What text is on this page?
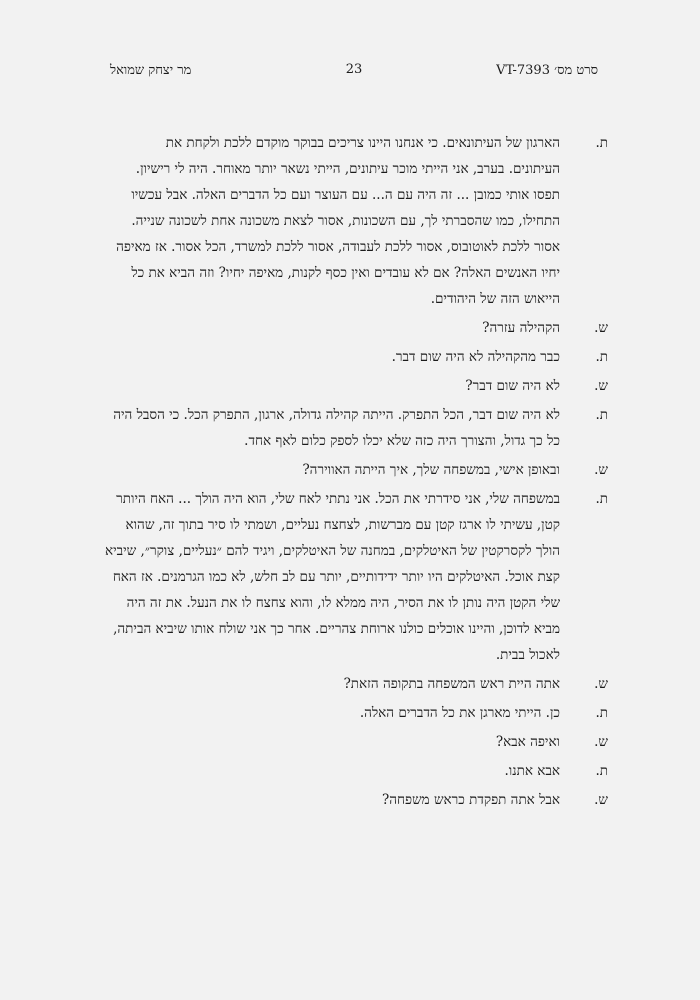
מר יצחק שמואל	23	סרט מס׳ VT-7393
ת.
הארגון של העיתונאים. כי אנחנו היינו צריכים בבוקר מוקדם ללכת ולקחת את
העיתונים. בערב, אני הייתי מוכר עיתונים, הייתי נשאר יותר מאוחר. היה לי רישיון.
תפסו אותי כמובן ... זה היה עם ה... עם העוצר ועם כל הדברים האלה. אבל עכשיו
התחילו, כמו שהסברתי לך, עם השכונות, אסור לצאת משכונה אחת לשכונה שנייה.
אסור ללכת לאוטובוס, אסור ללכת לעבודה, אסור ללכת למשרד, הכל אסור. אז מאיפה
יחיו האנשים האלה? אם לא עובדים ואין כסף לקנות, מאיפה יחיו? וזה הביא את כל
הייאוש הזה של היהודים.
ש.
הקהילה עזרה?
ת.
כבר מהקהילה לא היה שום דבר.
ש.
לא היה שום דבר?
ת.
לא היה שום דבר, הכל התפרק. הייתה קהילה גדולה, ארגון, התפרק הכל. כי הסבל היה
כל כך גדול, והצורך היה כזה שלא יכלו לספק כלום לאף אחד.
ש.
ובאופן אישי, במשפחה שלך, איך הייתה האווירה?
ת.
במשפחה שלי, אני סידרתי את הכל. אני נתתי לאח שלי, הוא היה הולך ... האח היותר
קטן, עשיתי לו ארגז קטן עם מברשות, לצחצח נעליים, ושמתי לו סיר בתוך זה, שהוא
הולך לקסרקטין של האיטלקים, במחנה של האיטלקים, ויגיד להם ״נעליים, צוקר״, שיביא
קצת אוכל. האיטלקים היו יותר ידידותיים, יותר עם לב חלש, לא כמו הגרמנים. אז האח
שלי הקטן היה נותן לו את הסיר, היה ממלא לו, והוא צחצח לו את הנעל. את זה היה
מביא לדוכן, והיינו אוכלים כולנו ארוחת צהריים. אחר כך אני שולח אותו שיביא הביתה,
לאכול בבית.
ש.
אתה היית ראש המשפחה בתקופה הזאת?
ת.
כן. הייתי מארגן את כל הדברים האלה.
ש.
ואיפה אבא?
ת.
אבא אתנו.
ש.
אבל אתה תפקדת כראש משפחה?
